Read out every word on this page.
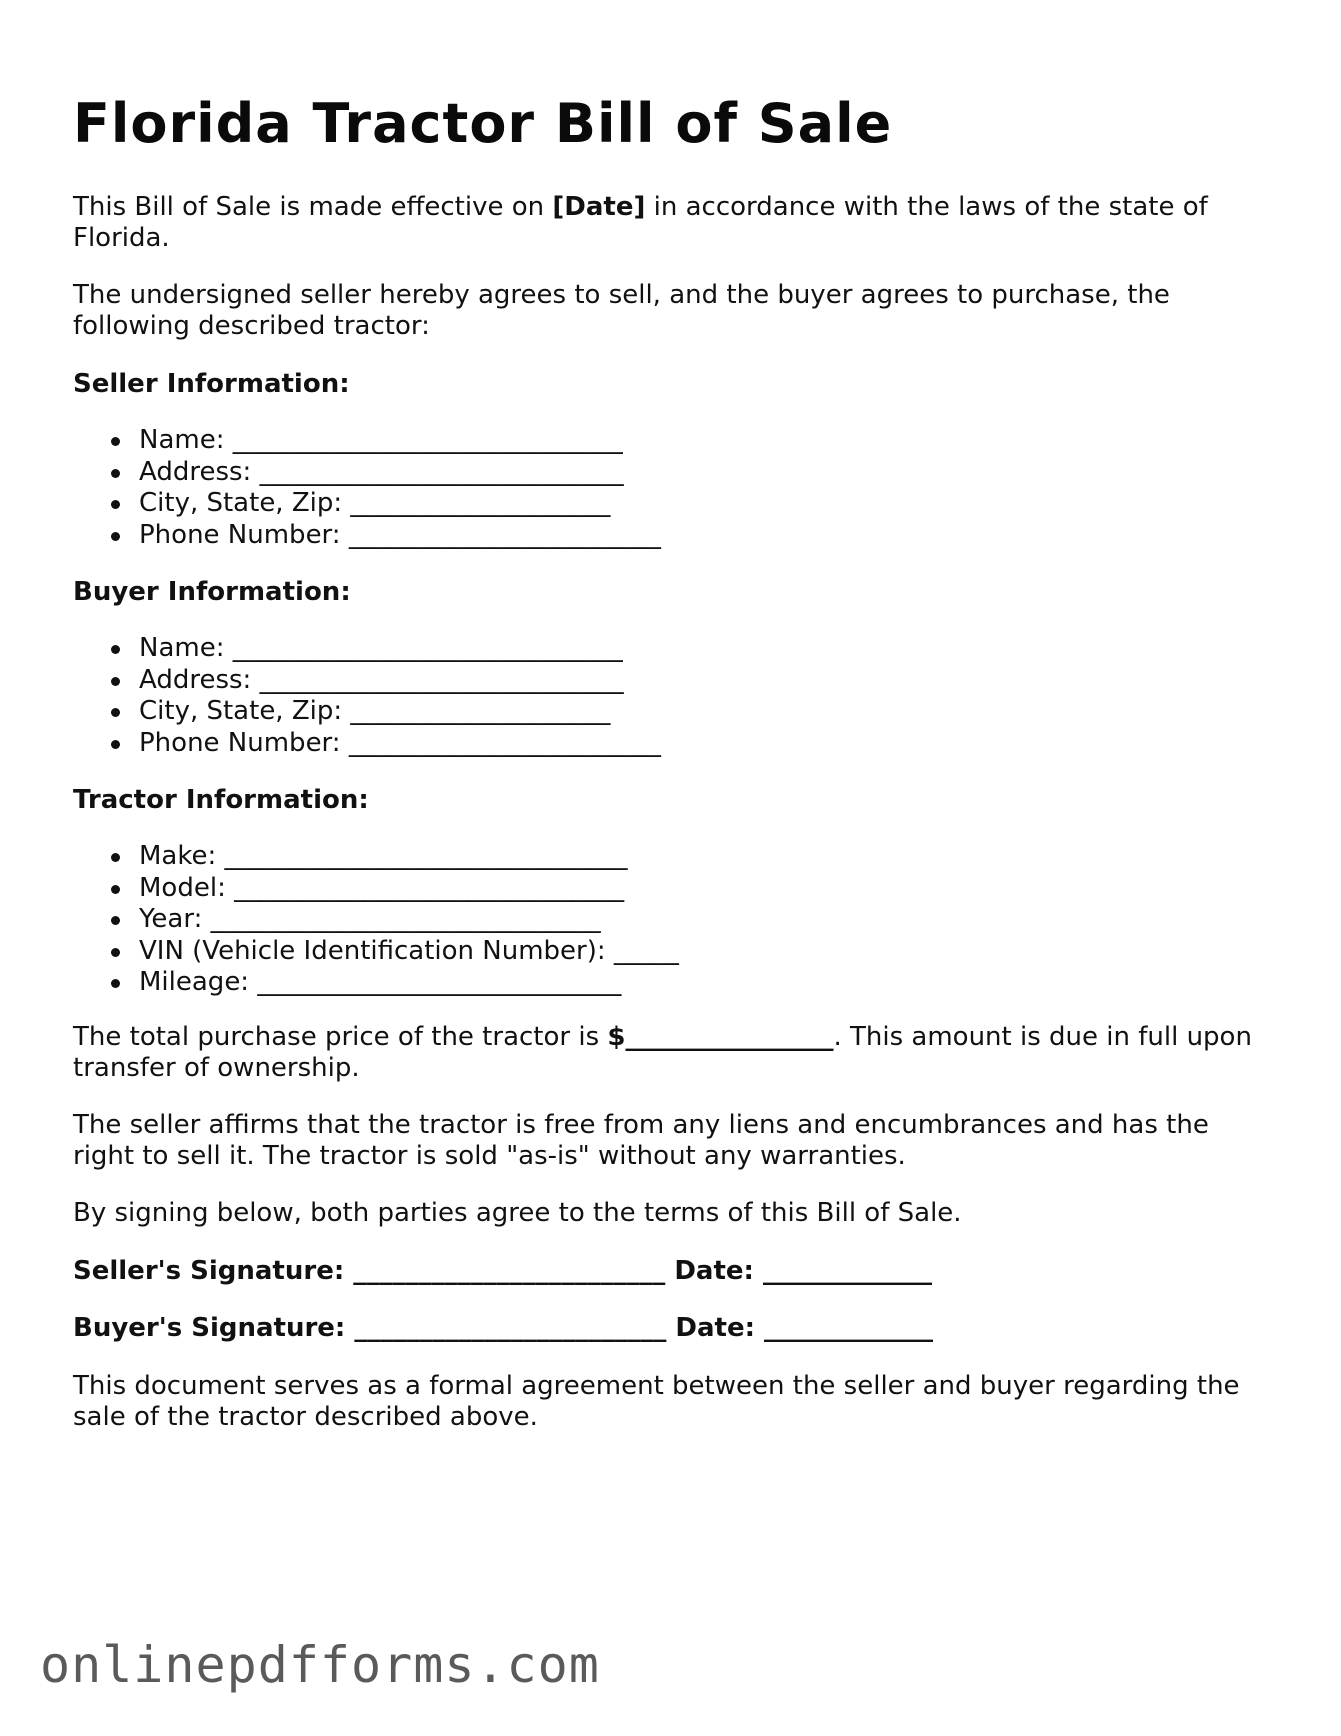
Florida Tractor Bill of Sale

This Bill of Sale is made effective on [Date] in accordance with the laws of the state of Florida.

The undersigned seller hereby agrees to sell, and the buyer agrees to purchase, the following described tractor:

Seller Information:

Name: ______________________________
Address: ____________________________
City, State, Zip: ____________________
Phone Number: ________________________

Buyer Information:

Name: ______________________________
Address: ____________________________
City, State, Zip: ____________________
Phone Number: ________________________

Tractor Information:

Make: _______________________________
Model: ______________________________
Year: ______________________________
VIN (Vehicle Identification Number): _____
Mileage: ____________________________

The total purchase price of the tractor is $________________. This amount is due in full upon transfer of ownership.

The seller affirms that the tractor is free from any liens and encumbrances and has the right to sell it. The tractor is sold "as-is" without any warranties.

By signing below, both parties agree to the terms of this Bill of Sale.

Seller's Signature: ________________________ Date: _____________

Buyer's Signature: ________________________ Date: _____________

This document serves as a formal agreement between the seller and buyer regarding the sale of the tractor described above.

onlinepdfforms.com
